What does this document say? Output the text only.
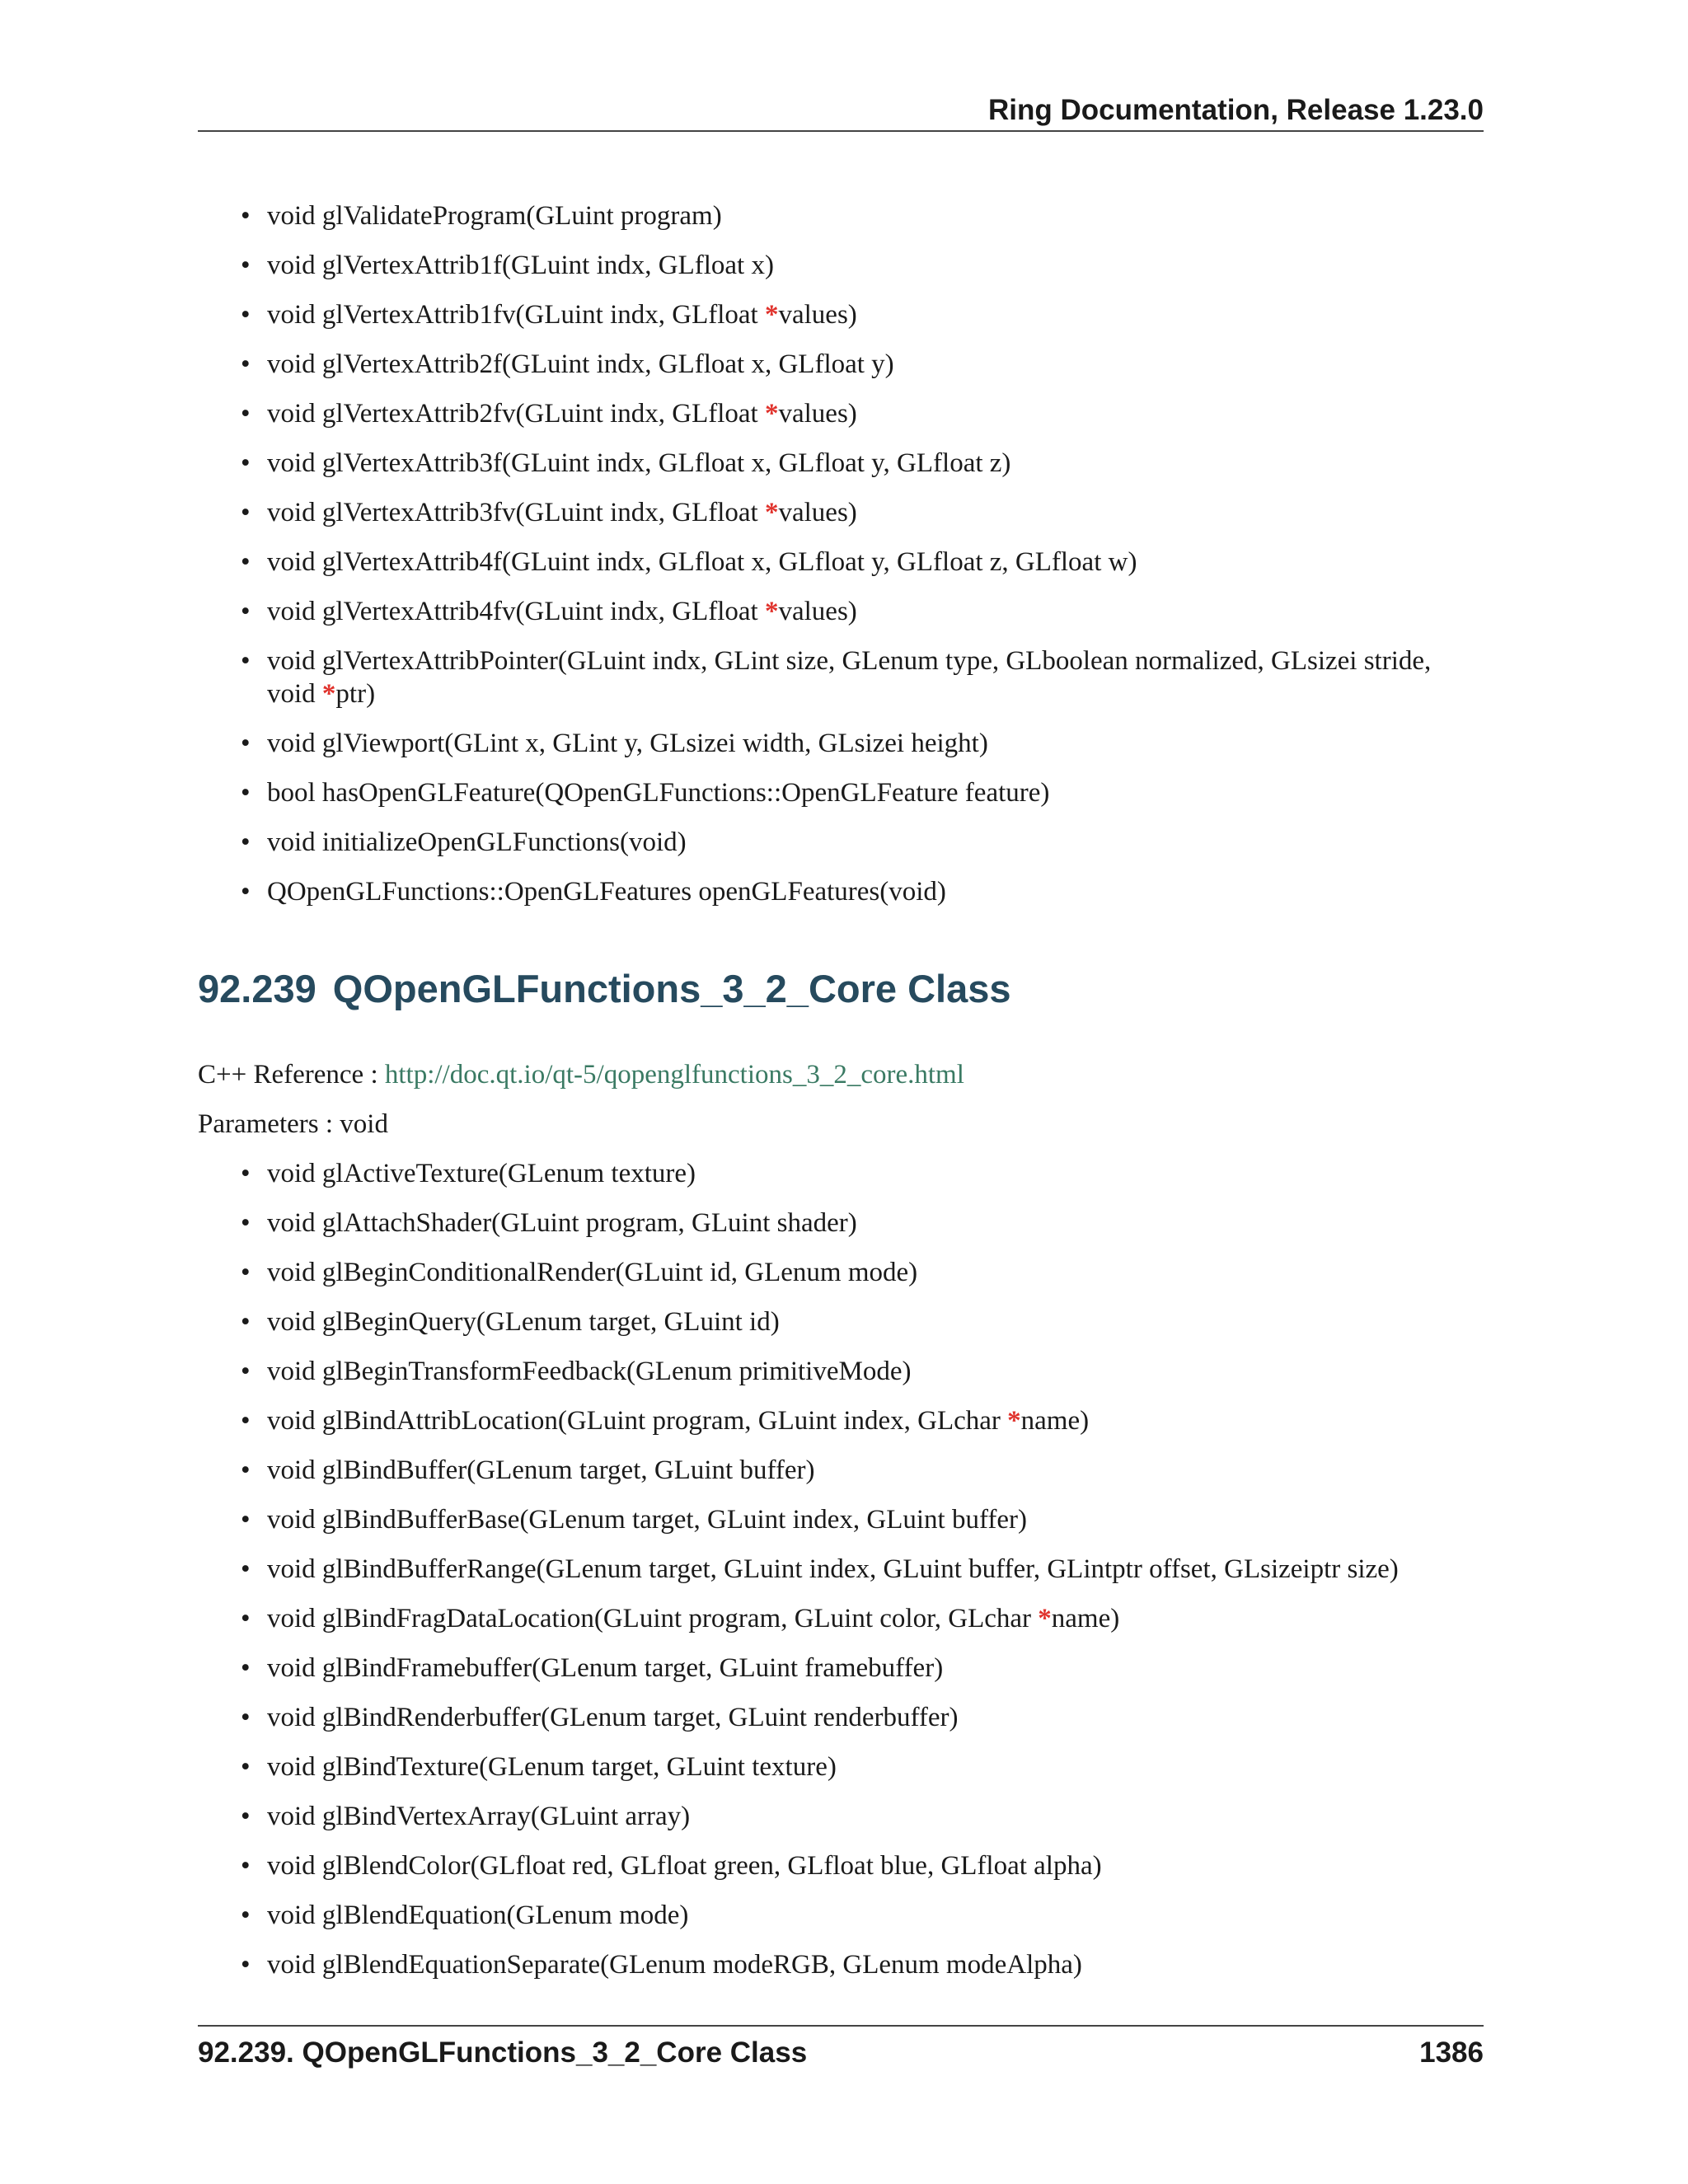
Ring Documentation, Release 1.23.0
• void glValidateProgram(GLuint program)
• void glVertexAttrib1f(GLuint indx, GLfloat x)
• void glVertexAttrib1fv(GLuint indx, GLfloat *values)
• void glVertexAttrib2f(GLuint indx, GLfloat x, GLfloat y)
• void glVertexAttrib2fv(GLuint indx, GLfloat *values)
• void glVertexAttrib3f(GLuint indx, GLfloat x, GLfloat y, GLfloat z)
• void glVertexAttrib3fv(GLuint indx, GLfloat *values)
• void glVertexAttrib4f(GLuint indx, GLfloat x, GLfloat y, GLfloat z, GLfloat w)
• void glVertexAttrib4fv(GLuint indx, GLfloat *values)
• void glVertexAttribPointer(GLuint indx, GLint size, GLenum type, GLboolean normalized, GLsizei stride, void *ptr)
• void glViewport(GLint x, GLint y, GLsizei width, GLsizei height)
• bool hasOpenGLFeature(QOpenGLFunctions::OpenGLFeature feature)
• void initializeOpenGLFunctions(void)
• QOpenGLFunctions::OpenGLFeatures openGLFeatures(void)
92.239 QOpenGLFunctions_3_2_Core Class
C++ Reference : http://doc.qt.io/qt-5/qopenglfunctions_3_2_core.html
Parameters : void
• void glActiveTexture(GLenum texture)
• void glAttachShader(GLuint program, GLuint shader)
• void glBeginConditionalRender(GLuint id, GLenum mode)
• void glBeginQuery(GLenum target, GLuint id)
• void glBeginTransformFeedback(GLenum primitiveMode)
• void glBindAttribLocation(GLuint program, GLuint index, GLchar *name)
• void glBindBuffer(GLenum target, GLuint buffer)
• void glBindBufferBase(GLenum target, GLuint index, GLuint buffer)
• void glBindBufferRange(GLenum target, GLuint index, GLuint buffer, GLintptr offset, GLsizeiptr size)
• void glBindFragDataLocation(GLuint program, GLuint color, GLchar *name)
• void glBindFramebuffer(GLenum target, GLuint framebuffer)
• void glBindRenderbuffer(GLenum target, GLuint renderbuffer)
• void glBindTexture(GLenum target, GLuint texture)
• void glBindVertexArray(GLuint array)
• void glBlendColor(GLfloat red, GLfloat green, GLfloat blue, GLfloat alpha)
• void glBlendEquation(GLenum mode)
• void glBlendEquationSeparate(GLenum modeRGB, GLenum modeAlpha)
92.239. QOpenGLFunctions_3_2_Core Class	1386
